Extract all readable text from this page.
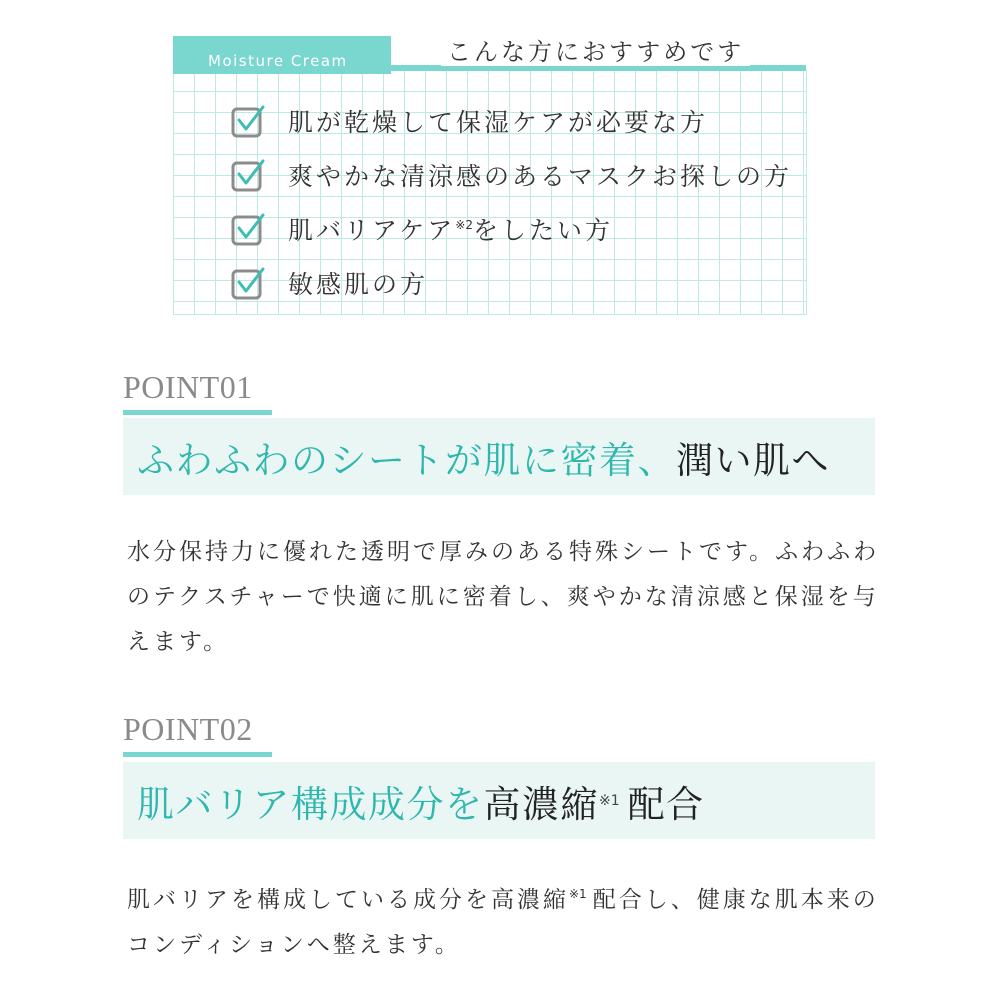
Moisture Cream	こんな方におすすめです
肌が乾燥して保湿ケアが必要な方
爽やかな清涼感のあるマスクお探しの方
肌バリアケア$^{※2}$をしたい方
敏感肌の方
POINT01
ふわふわのシートが肌に密着、 潤い肌へ

水分保持力に優れた透明で厚みのある特殊シートです。ふわふわのテクスチャーで快適に肌に密着し、爽やかな清涼感と保湿を与えます。

POINT02
肌バリア構成成分を 高濃縮 ※1 配合

肌バリアを構成している成分を高濃縮$^{※1}$ 配合し、健康な肌本来のコンディションへ整えます。
